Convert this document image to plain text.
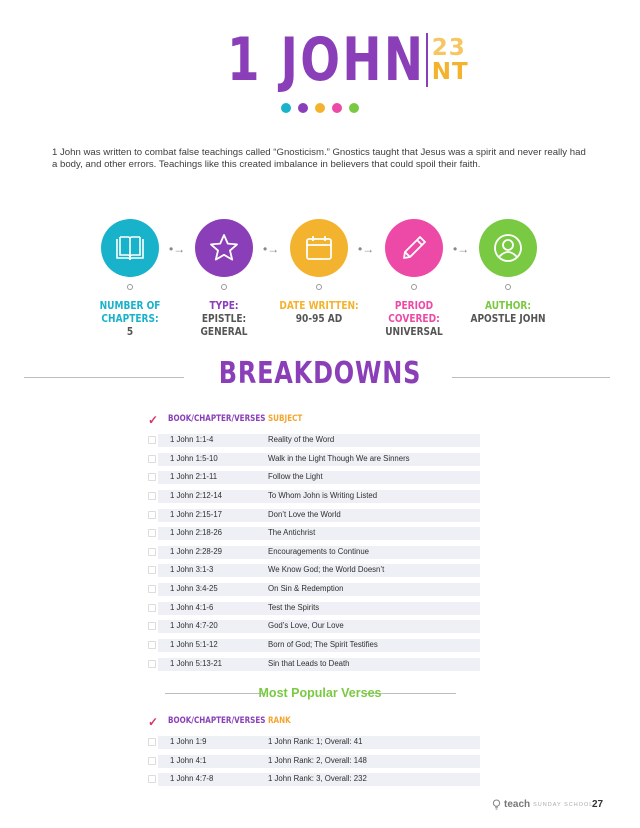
1 JOHN 23
NT

1 John was written to combat false teachings called “Gnosticism.” Gnostics taught that Jesus was a spirit and never really had a body, and other errors. Teachings like this created imbalance in believers that could spoil their faith.

•→
NUMBER OF CHAPTERS:
5
•→
TYPE:
EPISTLE: GENERAL
•→
DATE WRITTEN:
90-95 AD
•→
PERIOD COVERED:
UNIVERSAL
AUTHOR:
APOSTLE JOHN
BREAKDOWNS
✓ BOOK/CHAPTER/VERSES SUBJECT
1 John 1:1-4	Reality of the Word
1 John 1:5-10	Walk in the Light Though We are Sinners
1 John 2:1-11	Follow the Light
1 John 2:12-14	To Whom John is Writing Listed
1 John 2:15-17	Don’t Love the World
1 John 2:18-26	The Antichrist
1 John 2:28-29	Encouragements to Continue
1 John 3:1-3	We Know God; the World Doesn’t
1 John 3:4-25	On Sin & Redemption
1 John 4:1-6	Test the Spirits
1 John 4:7-20	God’s Love, Our Love
1 John 5:1-12	Born of God; The Spirit Testifies
1 John 5:13-21	Sin that Leads to Death
Most Popular Verses
✓ BOOK/CHAPTER/VERSES RANK
1 John 1:9	1 John Rank: 1; Overall: 41
1 John 4:1	1 John Rank: 2, Overall: 148
1 John 4:7-8	1 John Rank: 3, Overall: 232
teach SUNDAY SCHOOL
27
